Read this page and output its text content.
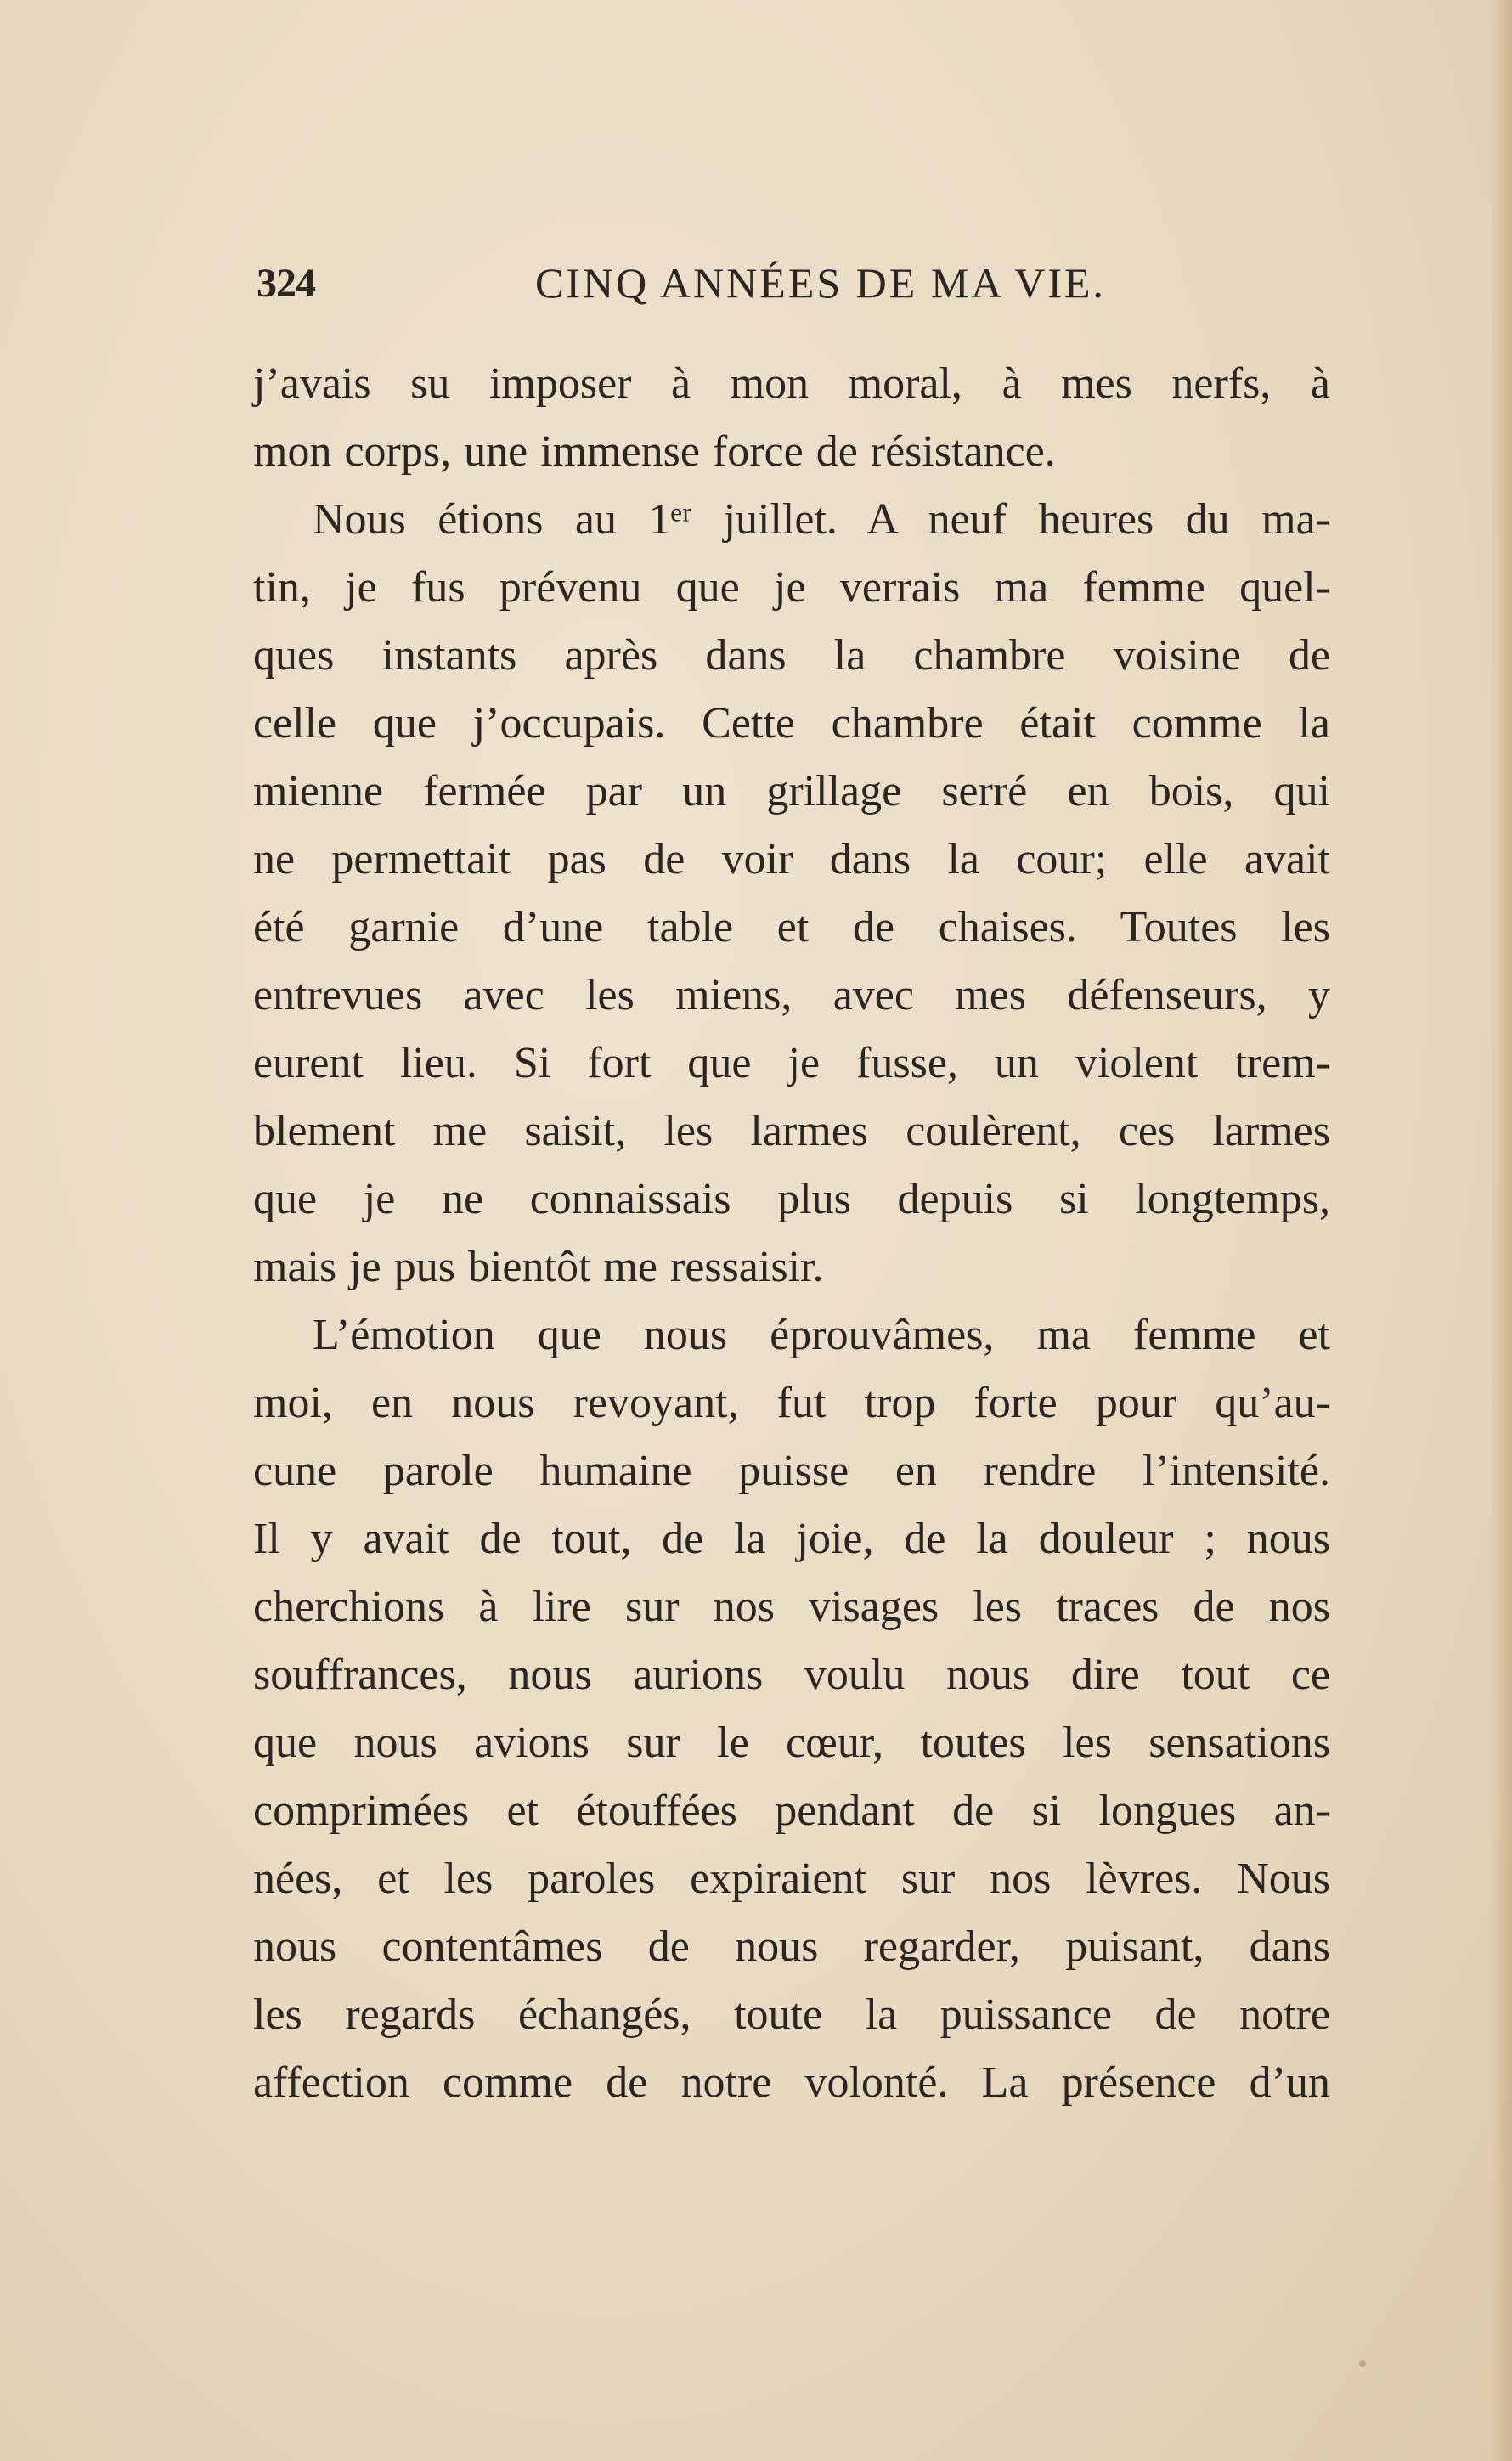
324	CINQ ANNÉES DE MA VIE.
j’avais su imposer à mon moral, à mes nerfs, à
mon corps, une immense force de résistance.
Nous étions au 1ᵉʳ juillet. A neuf heures du ma-
tin, je fus prévenu que je verrais ma femme quel-
ques instants après dans la chambre voisine de
celle que j’occupais. Cette chambre était comme la
mienne fermée par un grillage serré en bois, qui
ne permettait pas de voir dans la cour; elle avait
été garnie d’une table et de chaises. Toutes les
entrevues avec les miens, avec mes défenseurs, y
eurent lieu. Si fort que je fusse, un violent trem-
blement me saisit, les larmes coulèrent, ces larmes
que je ne connaissais plus depuis si longtemps,
mais je pus bientôt me ressaisir.
L’émotion que nous éprouvâmes, ma femme et
moi, en nous revoyant, fut trop forte pour qu’au-
cune parole humaine puisse en rendre l’intensité.
Il y avait de tout, de la joie, de la douleur ; nous
cherchions à lire sur nos visages les traces de nos
souffrances, nous aurions voulu nous dire tout ce
que nous avions sur le cœur, toutes les sensations
comprimées et étouffées pendant de si longues an-
nées, et les paroles expiraient sur nos lèvres. Nous
nous contentâmes de nous regarder, puisant, dans
les regards échangés, toute la puissance de notre
affection comme de notre volonté. La présence d’un
